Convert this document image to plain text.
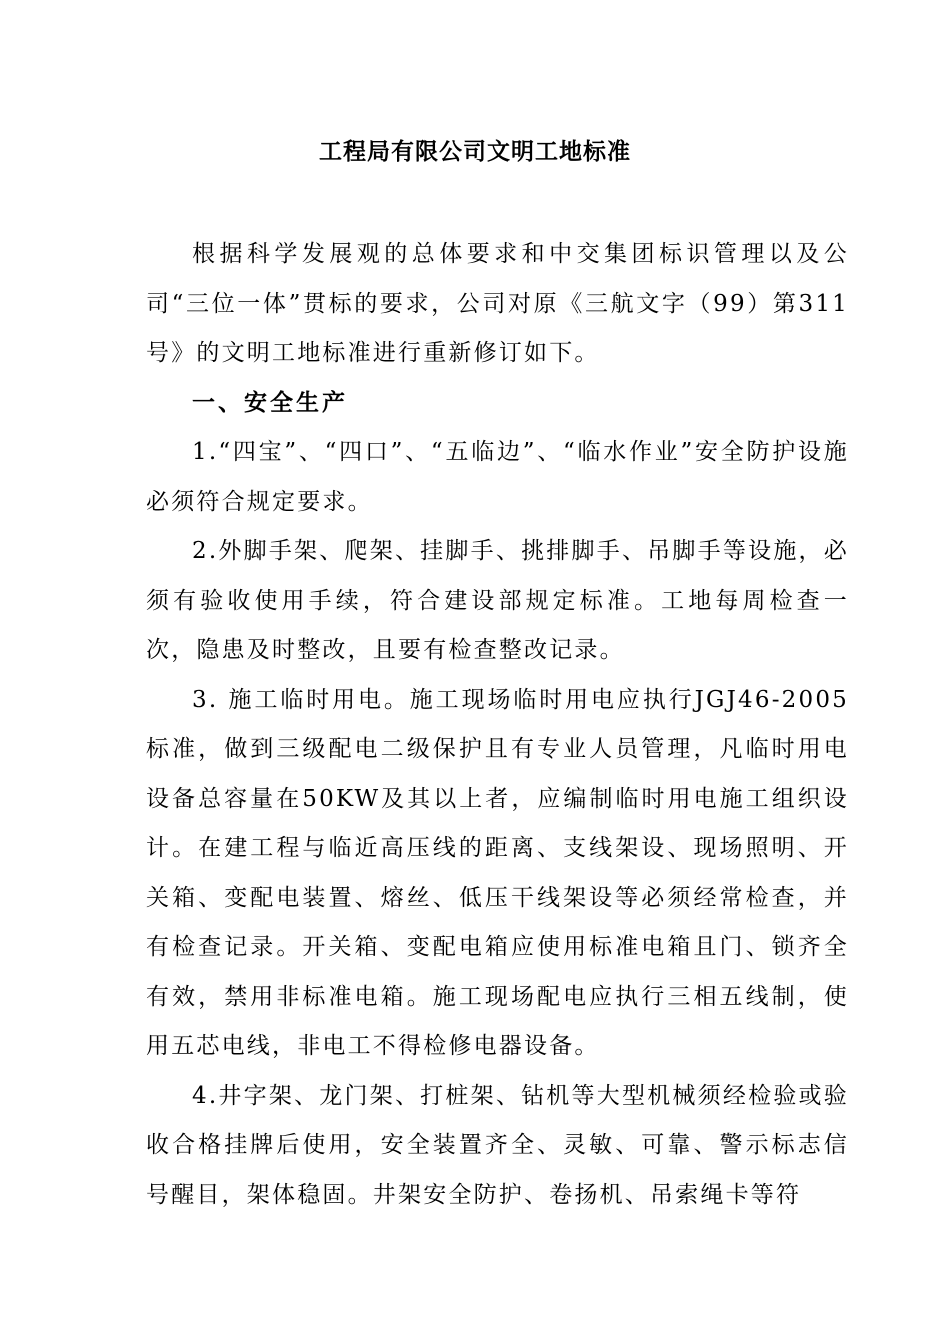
工程局有限公司文明工地标准

根据科学发展观的总体要求和中交集团标识管理以及公司“三位一体”贯标的要求，公司对原《三航文字（99）第311号》的文明工地标准进行重新修订如下。

一、安全生产

1.“四宝”、“四口”、“五临边”、“临水作业”安全防护设施必须符合规定要求。

2.外脚手架、爬架、挂脚手、挑排脚手、吊脚手等设施，必须有验收使用手续，符合建设部规定标准。工地每周检查一次，隐患及时整改，且要有检查整改记录。

3. 施工临时用电。施工现场临时用电应执行JGJ46-2005标准，做到三级配电二级保护且有专业人员管理，凡临时用电设备总容量在50KW及其以上者，应编制临时用电施工组织设计。在建工程与临近高压线的距离、支线架设、现场照明、开关箱、变配电装置、熔丝、低压干线架设等必须经常检查，并有检查记录。开关箱、变配电箱应使用标准电箱且门、锁齐全有效，禁用非标准电箱。施工现场配电应执行三相五线制，使用五芯电线，非电工不得检修电器设备。

4.井字架、龙门架、打桩架、钻机等大型机械须经检验或验收合格挂牌后使用，安全装置齐全、灵敏、可靠、警示标志信号醒目，架体稳固。井架安全防护、卷扬机、吊索绳卡等符
